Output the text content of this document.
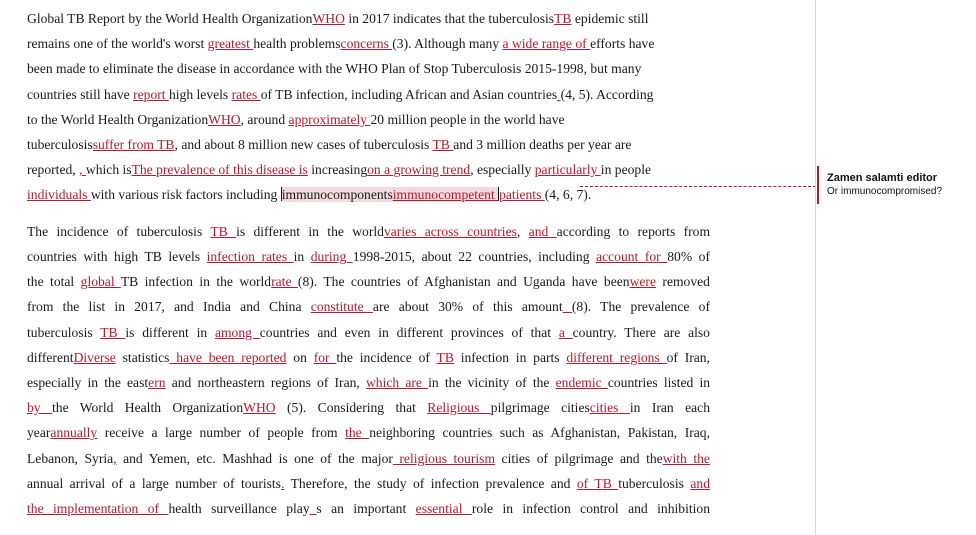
Global TB Report by the World Health OrganizationWHO in 2017 indicates that the tuberculosisTB epidemic still
remains one of the world's worst greatest health problemsconcerns (3). Although many a wide range of efforts have
been made to eliminate the disease in accordance with the WHO Plan of Stop Tuberculosis 2015-1998, but many
countries still have report high levels rates of TB infection, including African and Asian countries (4, 5). According
to the World Health OrganizationWHO, around approximately 20 million people in the world have
tuberculosissuffer from TB, and about 8 million new cases of tuberculosis TB and 3 million deaths per year are
reported, , which isThe prevalence of this disease is increasingon a growing trend, especially particularly in people
individuals with various risk factors including immunocomponentsimmunocompetent patients (4, 6, 7).
The incidence of tuberculosis TB is different in the worldvaries across countries, and according to reports from
countries with high TB levels infection rates in during 1998-2015, about 22 countries, including account for 80% of
the total global TB infection in the worldrate (8). The countries of Afghanistan and Uganda have beenwere removed
from the list in 2017, and India and China constitute are about 30% of this amount (8). The prevalence of
tuberculosis TB is different in among countries and even in different provinces of that a country. There are also
differentDiverse statistics have been reported on for the incidence of TB infection in parts different regions of Iran,
especially in the eastern and northeastern regions of Iran, which are in the vicinity of the endemic countries listed in
by the World Health OrganizationWHO (5). Considering that Religious pilgrimage citiescities in Iran each
yearannually receive a large number of people from the neighboring countries such as Afghanistan, Pakistan, Iraq,
Lebanon, Syria, and Yemen, etc. Mashhad is one of the major religious tourism cities of pilgrimage and thewith the
annual arrival of a large number of tourists. Therefore, the study of infection prevalence and of TB tuberculosis and
the implementation of health surveillance play_s an important essential role in infection control and inhibition
Zamen salamti editor
Or immunocompromised?
